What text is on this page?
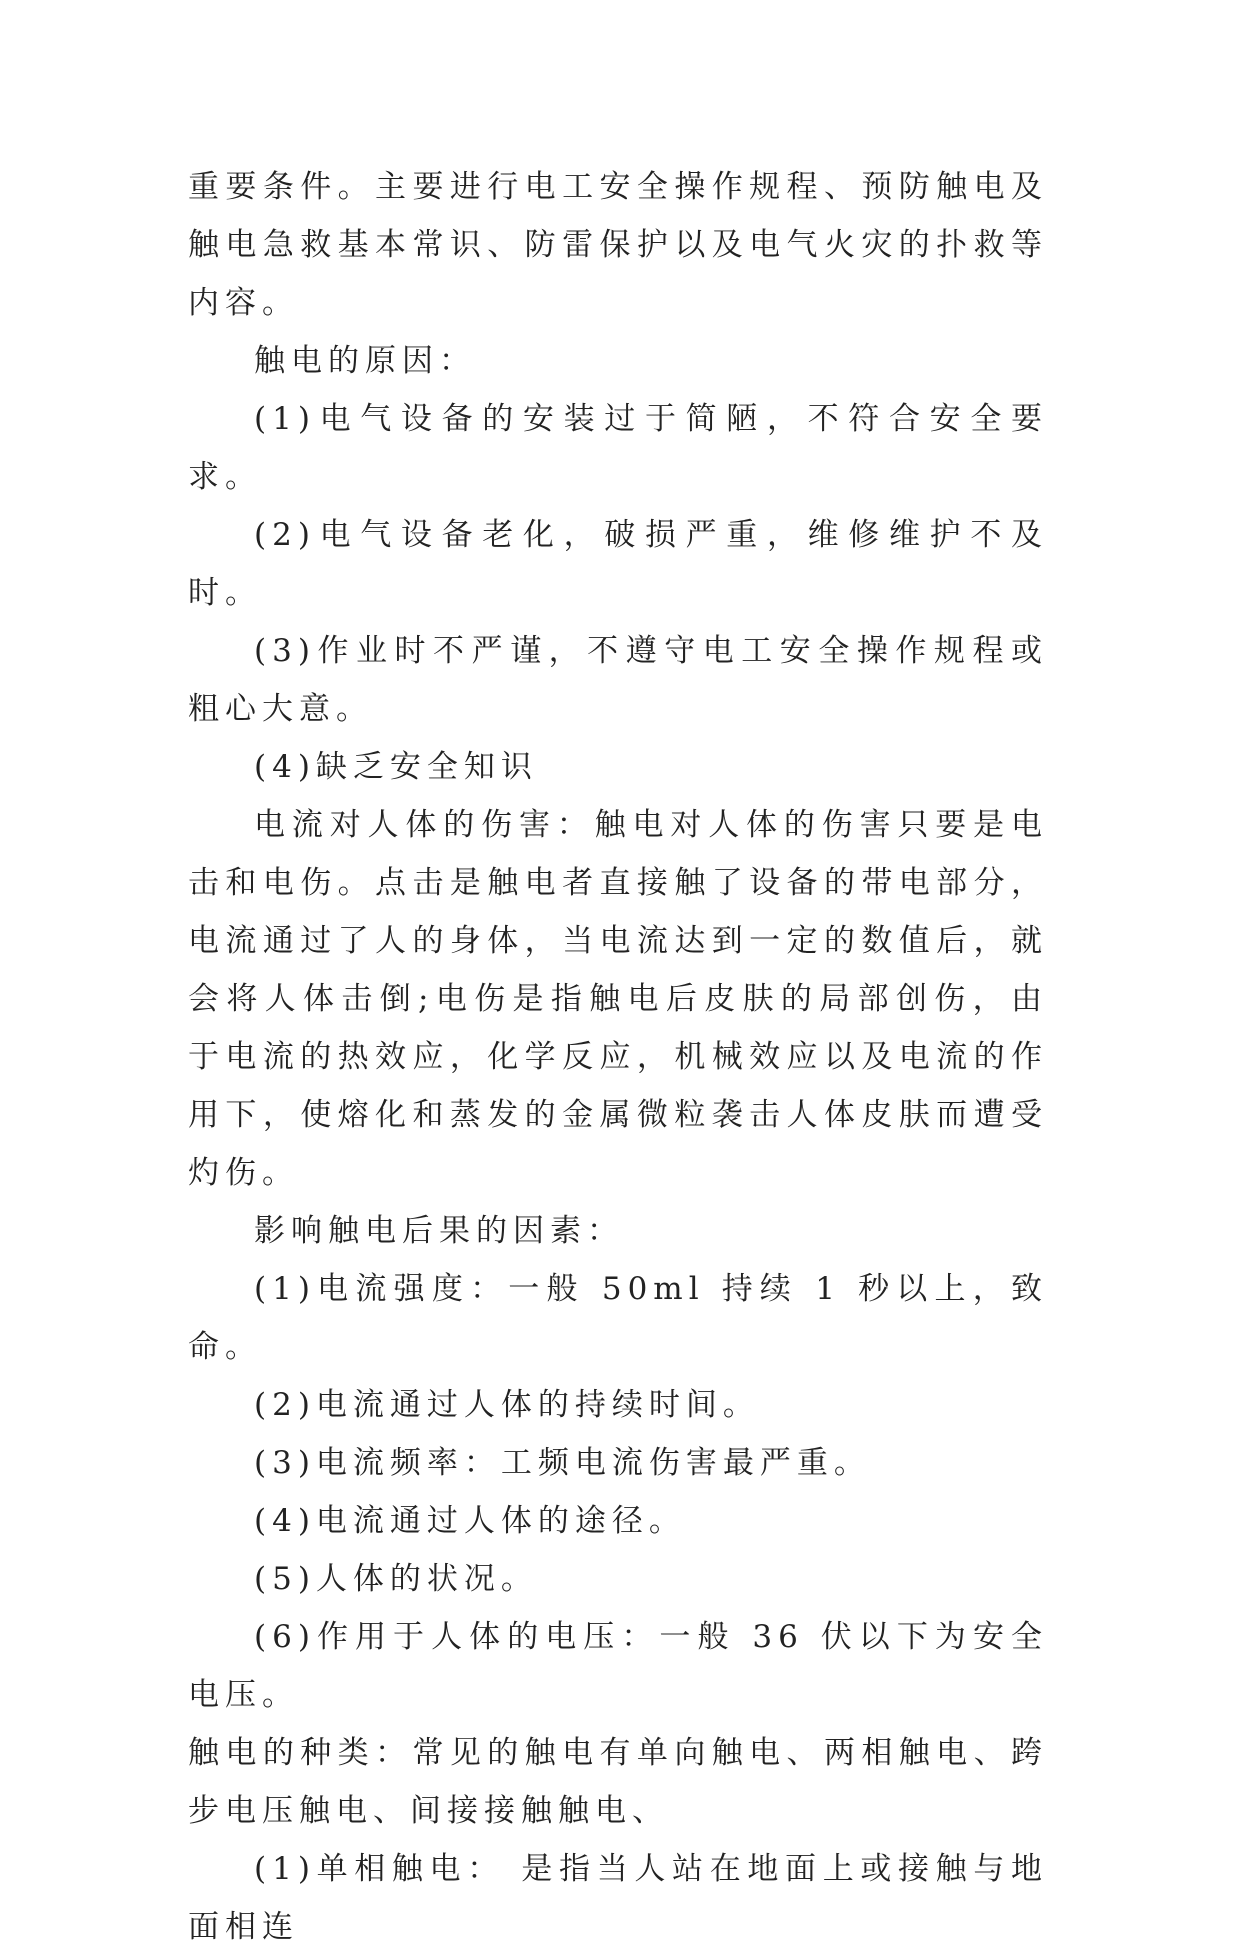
重要条件。主要进行电工安全操作规程、预防触电及触电急救基本常识、防雷保护以及电气火灾的扑救等内容。

触电的原因：

(1)电气设备的安装过于简陋，不符合安全要求。

(2)电气设备老化，破损严重，维修维护不及时。

(3)作业时不严谨，不遵守电工安全操作规程或粗心大意。

(4)缺乏安全知识

电流对人体的伤害：触电对人体的伤害只要是电击和电伤。点击是触电者直接触了设备的带电部分，电流通过了人的身体，当电流达到一定的数值后，就会将人体击倒;电伤是指触电后皮肤的局部创伤，由于电流的热效应，化学反应，机械效应以及电流的作用下，使熔化和蒸发的金属微粒袭击人体皮肤而遭受灼伤。

影响触电后果的因素：

(1)电流强度：一般 50ml 持续 1 秒以上，致命。

(2)电流通过人体的持续时间。

(3)电流频率：工频电流伤害最严重。

(4)电流通过人体的途径。

(5)人体的状况。

(6)作用于人体的电压：一般 36 伏以下为安全电压。

触电的种类：常见的触电有单向触电、两相触电、跨步电压触电、间接接触触电、

(1)单相触电： 是指当人站在地面上或接触与地面相连
